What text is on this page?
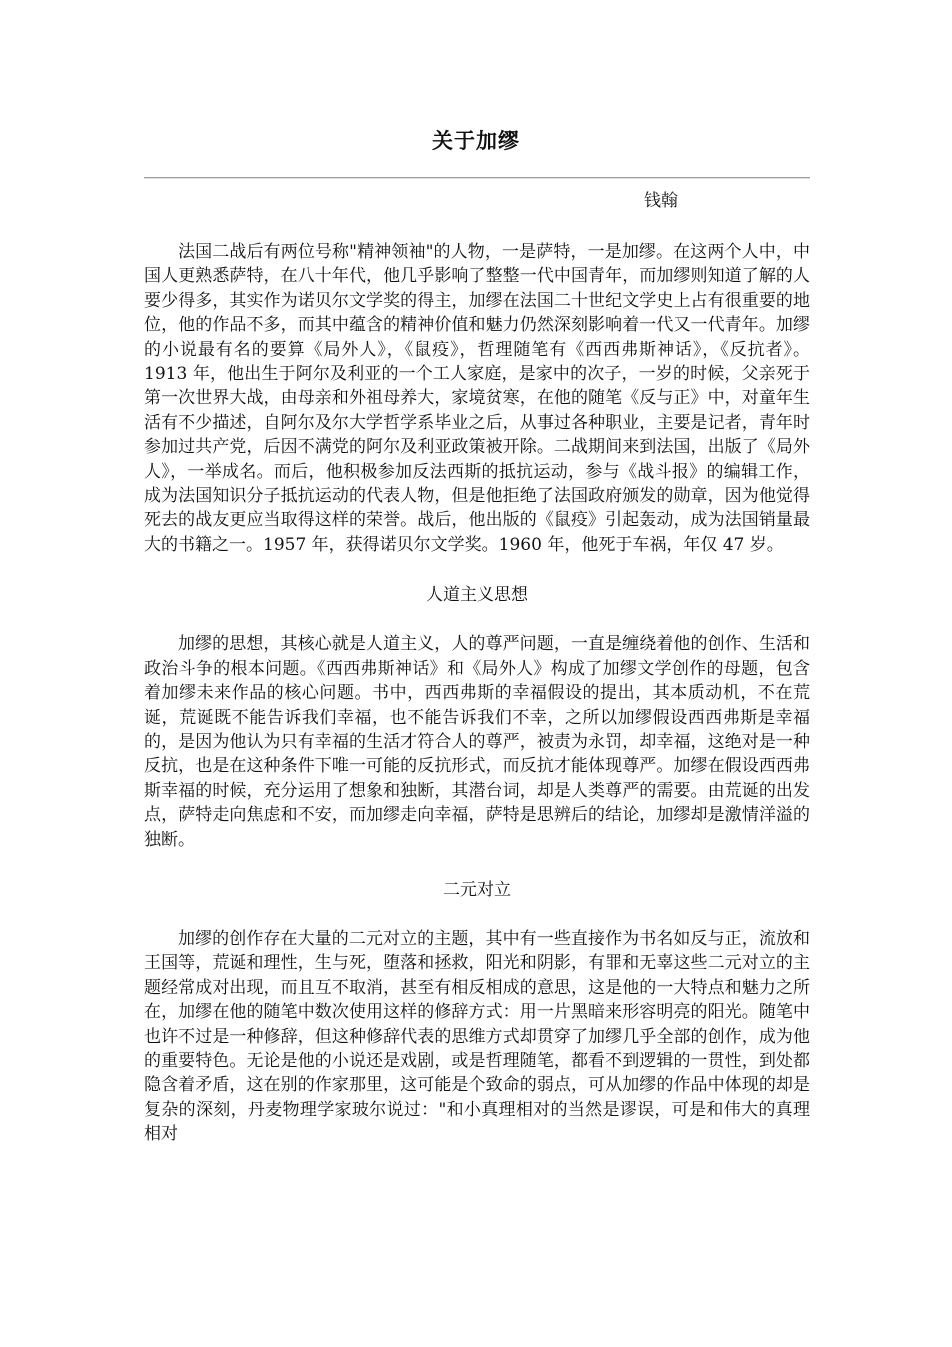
关于加缪
钱翰

法国二战后有两位号称"精神领袖"的人物，一是萨特，一是加缪。在这两个人中，中国人更熟悉萨特，在八十年代，他几乎影响了整整一代中国青年，而加缪则知道了解的人要少得多，其实作为诺贝尔文学奖的得主，加缪在法国二十世纪文学史上占有很重要的地位，他的作品不多，而其中蕴含的精神价值和魅力仍然深刻影响着一代又一代青年。加缪的小说最有名的要算《局外人》，《鼠疫》，哲理随笔有《西西弗斯神话》，《反抗者》。1913 年，他出生于阿尔及利亚的一个工人家庭，是家中的次子，一岁的时候，父亲死于第一次世界大战，由母亲和外祖母养大，家境贫寒，在他的随笔《反与正》中，对童年生活有不少描述，自阿尔及尔大学哲学系毕业之后，从事过各种职业，主要是记者，青年时参加过共产党，后因不满党的阿尔及利亚政策被开除。二战期间来到法国，出版了《局外人》，一举成名。而后，他积极参加反法西斯的抵抗运动，参与《战斗报》的编辑工作，成为法国知识分子抵抗运动的代表人物，但是他拒绝了法国政府颁发的勋章，因为他觉得死去的战友更应当取得这样的荣誉。战后，他出版的《鼠疫》引起轰动，成为法国销量最大的书籍之一。1957 年，获得诺贝尔文学奖。1960 年，他死于车祸，年仅 47 岁。

人道主义思想

加缪的思想，其核心就是人道主义，人的尊严问题，一直是缠绕着他的创作、生活和政治斗争的根本问题。《西西弗斯神话》和《局外人》构成了加缪文学创作的母题，包含着加缪未来作品的核心问题。书中，西西弗斯的幸福假设的提出，其本质动机，不在荒诞，荒诞既不能告诉我们幸福，也不能告诉我们不幸，之所以加缪假设西西弗斯是幸福的，是因为他认为只有幸福的生活才符合人的尊严，被责为永罚，却幸福，这绝对是一种反抗，也是在这种条件下唯一可能的反抗形式，而反抗才能体现尊严。加缪在假设西西弗斯幸福的时候，充分运用了想象和独断，其潜台词，却是人类尊严的需要。由荒诞的出发点，萨特走向焦虑和不安，而加缪走向幸福，萨特是思辨后的结论，加缪却是激情洋溢的独断。

二元对立

加缪的创作存在大量的二元对立的主题，其中有一些直接作为书名如反与正，流放和王国等，荒诞和理性，生与死，堕落和拯救，阳光和阴影，有罪和无辜这些二元对立的主题经常成对出现，而且互不取消，甚至有相反相成的意思，这是他的一大特点和魅力之所在，加缪在他的随笔中数次使用这样的修辞方式：用一片黑暗来形容明亮的阳光。随笔中也许不过是一种修辞，但这种修辞代表的思维方式却贯穿了加缪几乎全部的创作，成为他的重要特色。无论是他的小说还是戏剧，或是哲理随笔，都看不到逻辑的一贯性，到处都隐含着矛盾，这在别的作家那里，这可能是个致命的弱点，可从加缪的作品中体现的却是复杂的深刻，丹麦物理学家玻尔说过："和小真理相对的当然是谬误，可是和伟大的真理相对
